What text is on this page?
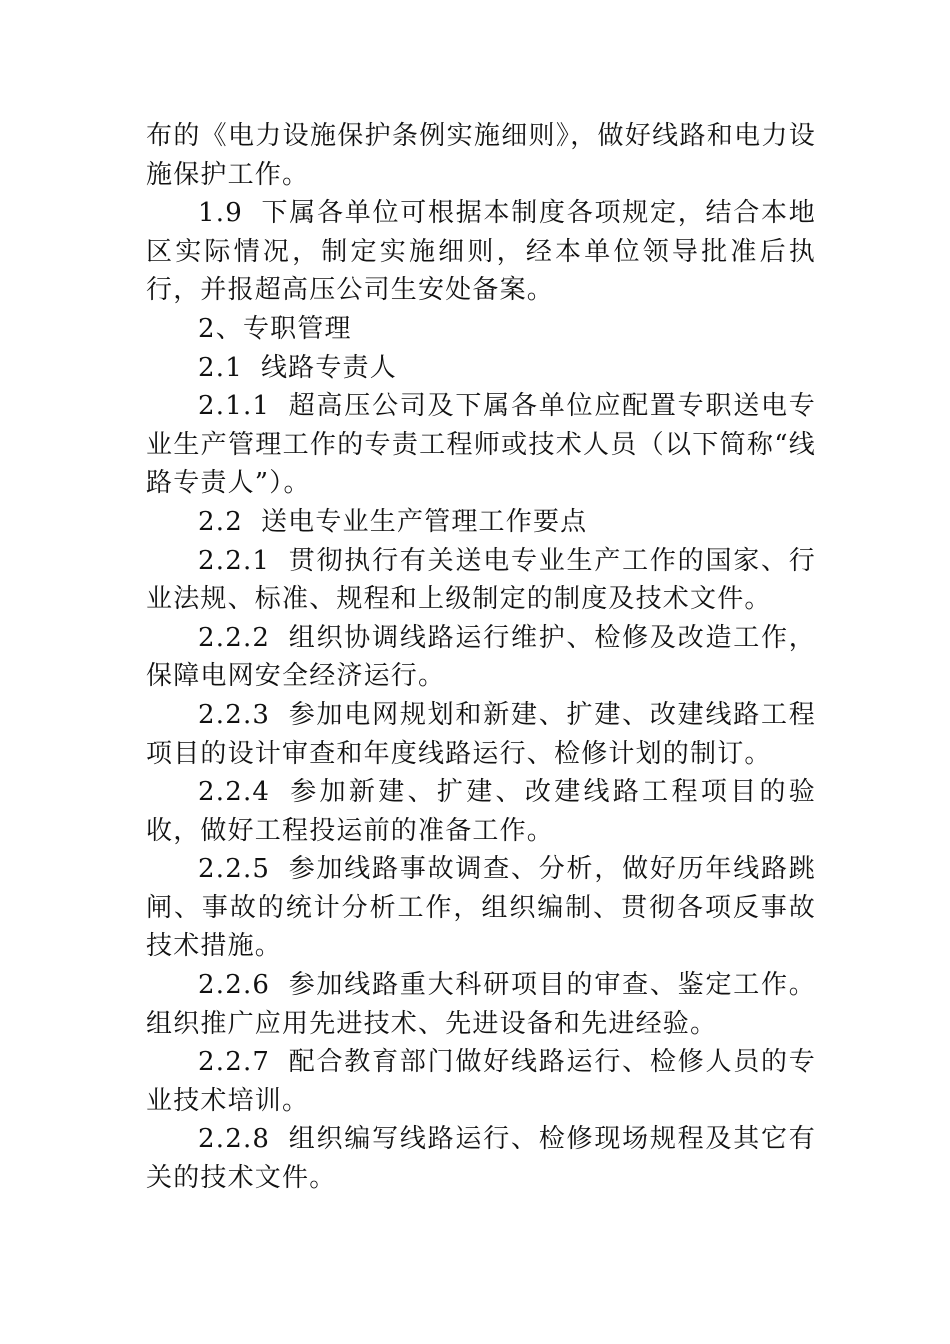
布的《电力设施保护条例实施细则》，做好线路和电力设施保护工作。

1.9 下属各单位可根据本制度各项规定，结合本地区实际情况，制定实施细则，经本单位领导批准后执行，并报超高压公司生安处备案。

2、专职管理

2.1 线路专责人

2.1.1 超高压公司及下属各单位应配置专职送电专业生产管理工作的专责工程师或技术人员（以下简称“线路专责人”）。

2.2 送电专业生产管理工作要点

2.2.1 贯彻执行有关送电专业生产工作的国家、行业法规、标准、规程和上级制定的制度及技术文件。

2.2.2 组织协调线路运行维护、检修及改造工作，保障电网安全经济运行。

2.2.3 参加电网规划和新建、扩建、改建线路工程项目的设计审查和年度线路运行、检修计划的制订。

2.2.4 参加新建、扩建、改建线路工程项目的验收，做好工程投运前的准备工作。

2.2.5 参加线路事故调查、分析，做好历年线路跳闸、事故的统计分析工作，组织编制、贯彻各项反事故技术措施。

2.2.6 参加线路重大科研项目的审查、鉴定工作。组织推广应用先进技术、先进设备和先进经验。

2.2.7 配合教育部门做好线路运行、检修人员的专业技术培训。

2.2.8 组织编写线路运行、检修现场规程及其它有关的技术文件。
